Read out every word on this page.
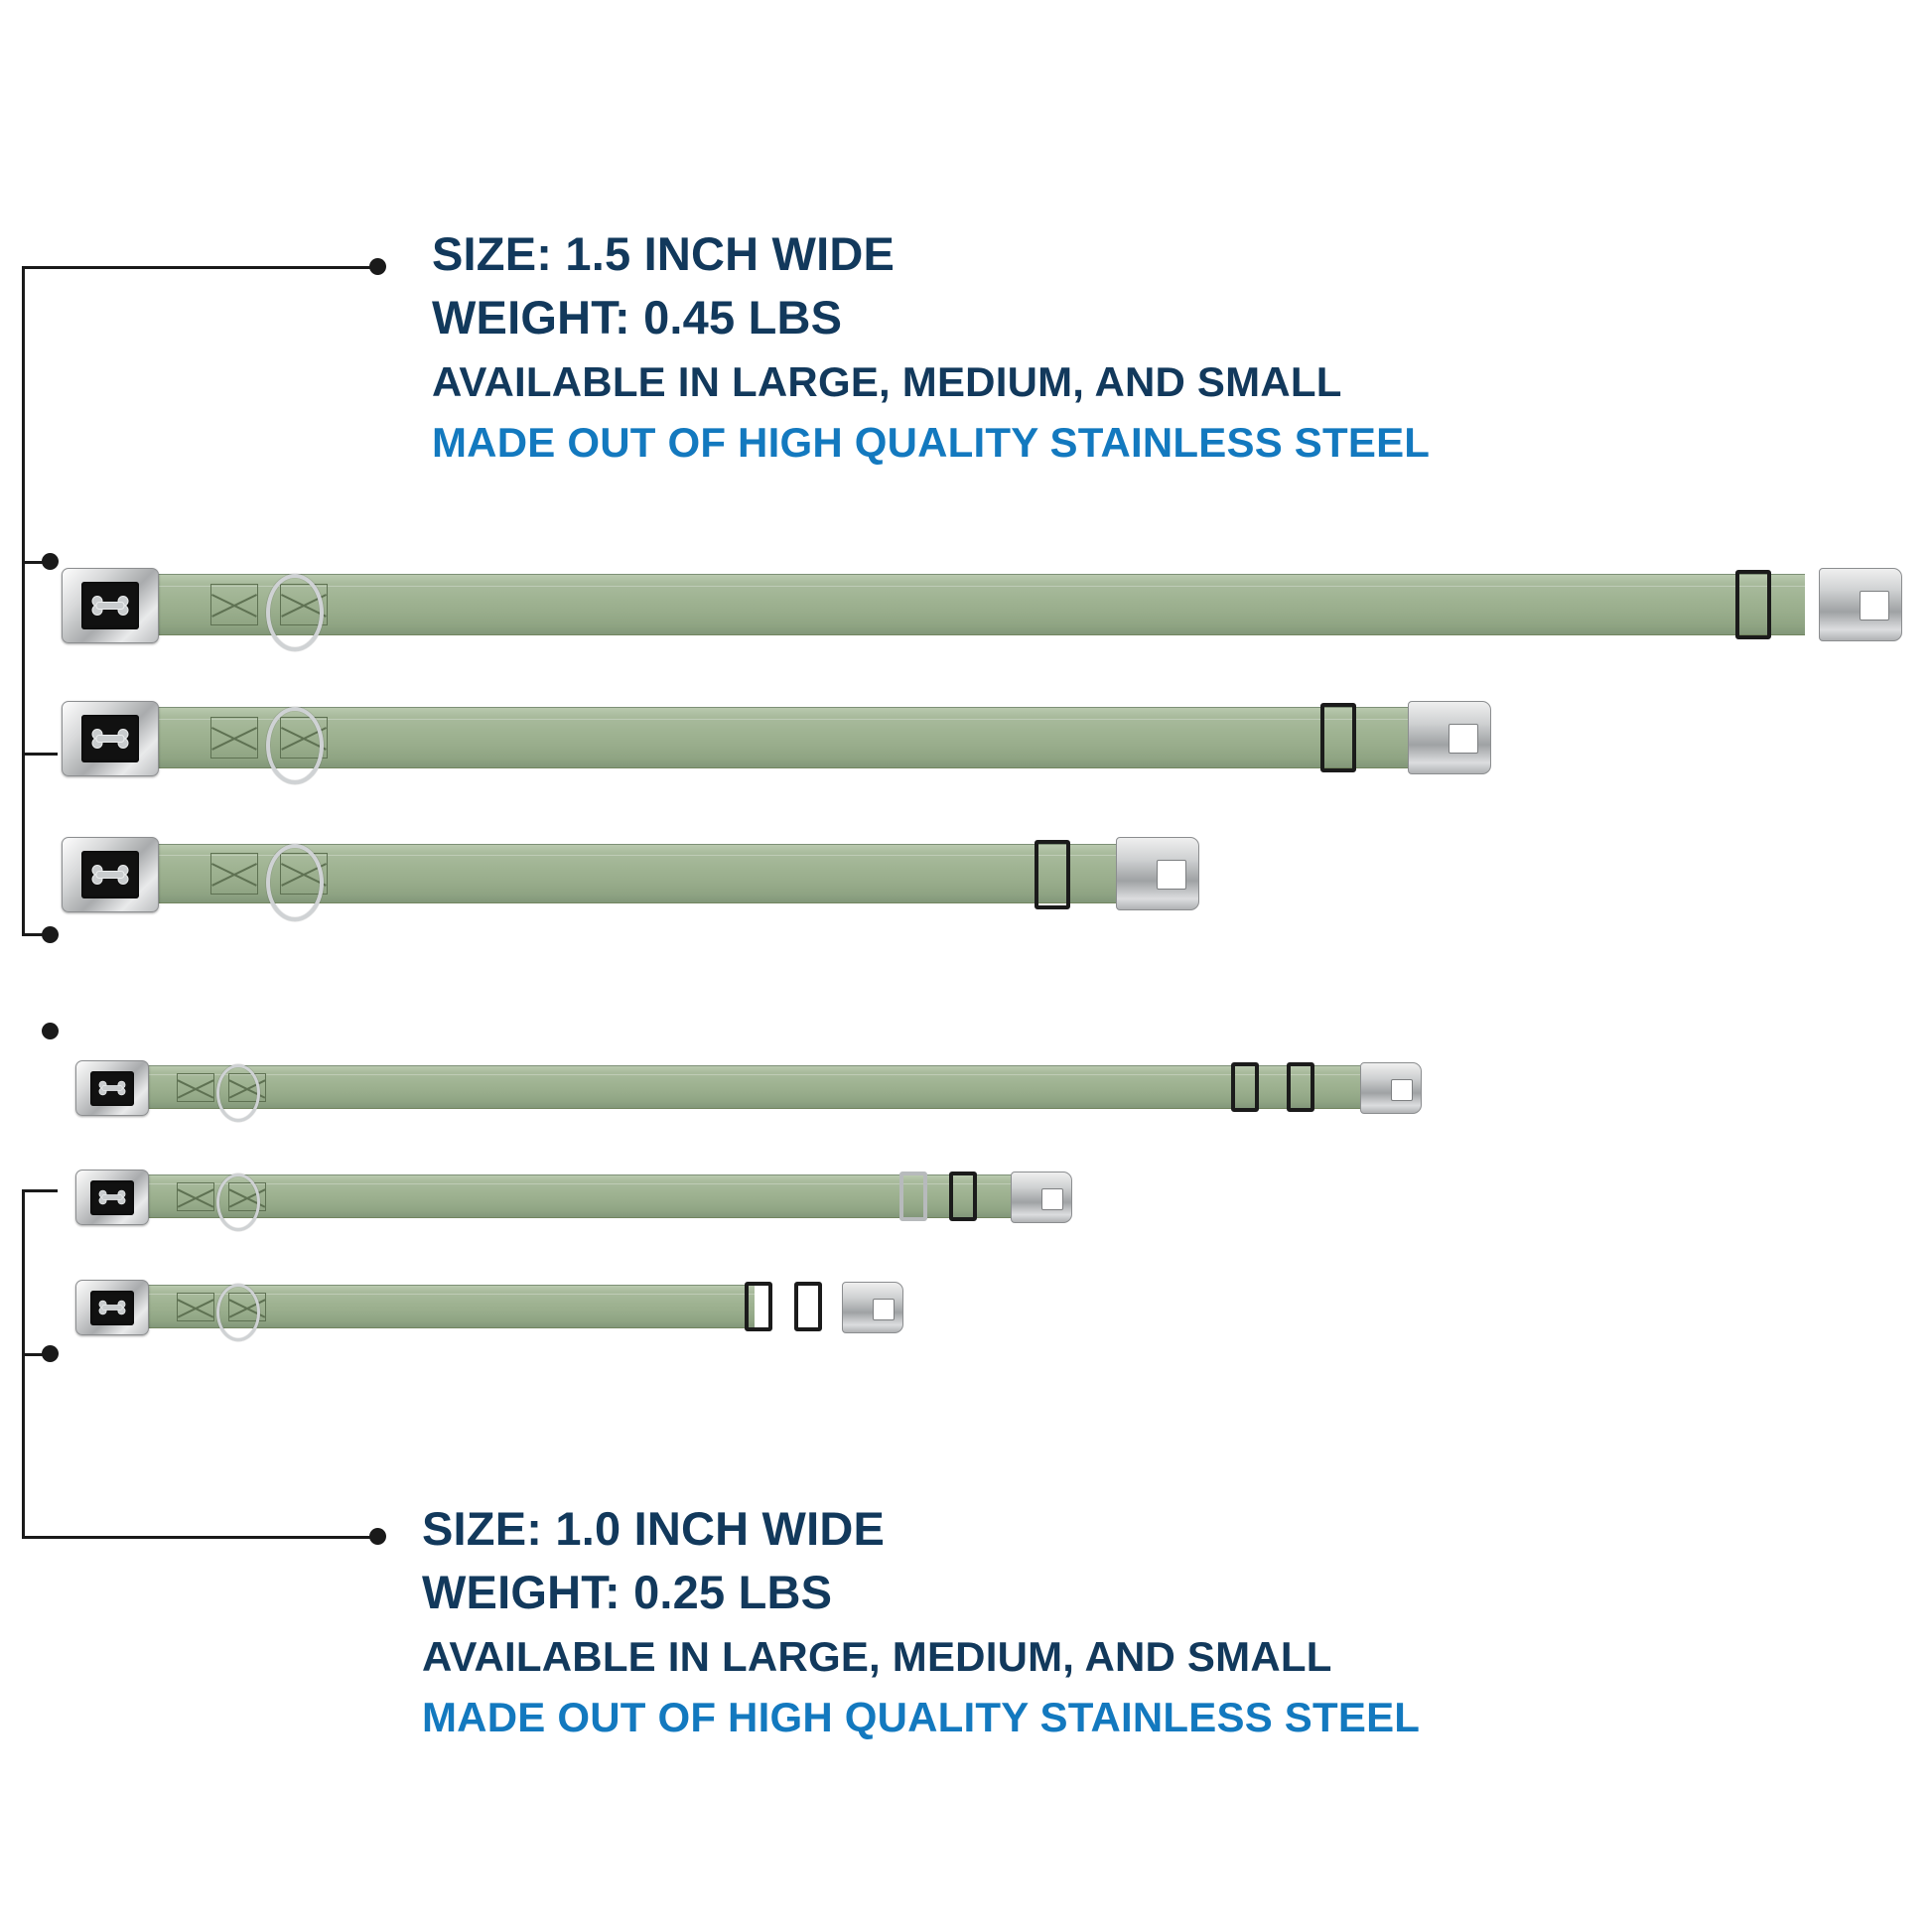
SIZE: 1.5 INCH WIDE
WEIGHT: 0.45 LBS
AVAILABLE IN LARGE, MEDIUM, AND SMALL
MADE OUT OF HIGH QUALITY STAINLESS STEEL
SIZE: 1.0 INCH WIDE
WEIGHT: 0.25 LBS
AVAILABLE IN LARGE, MEDIUM, AND SMALL
MADE OUT OF HIGH QUALITY STAINLESS STEEL
